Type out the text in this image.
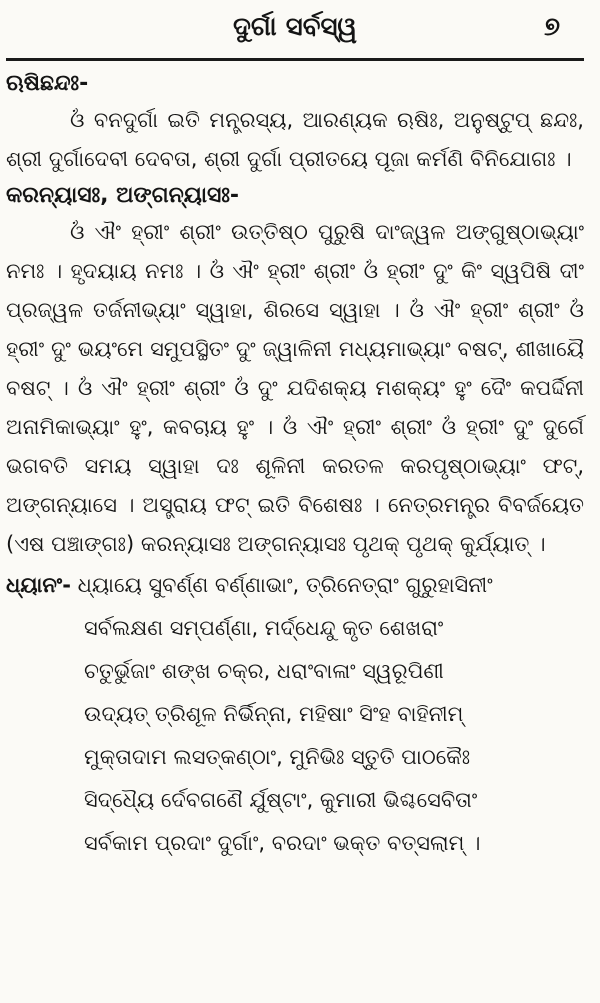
ଦୁର୍ଗା ସର୍ବସ୍ୱ	୭

ଋଷିଛନ୍ଦଃ-

ଓଁ ବନଦୁର୍ଗା ଇତି ମନ୍ତ୍ରସ୍ୟ, ଆରଣ୍ୟକ ଋଷିଃ, ଅନୁଷ୍ଟୁପ୍ ଛନ୍ଦଃ, ଶ୍ରୀ ଦୁର୍ଗାଦେବୀ ଦେବତା, ଶ୍ରୀ ଦୁର୍ଗା ପ୍ରୀତୟେ ପୂଜା କର୍ମଣି ବିନିଯୋଗଃ ।

କରନ୍ୟାସଃ, ଅଙ୍ଗନ୍ୟାସଃ-

ଓଁ ଐଂ ହ୍ରୀଂ ଶ୍ରୀଂ ଉତ୍ତିଷ୍ଠ ପୁରୁଷି ଦାଂଜ୍ୱଳ ଅଙ୍ଗୁଷ୍ଠାଭ୍ୟାଂ ନମଃ । ହୃଦୟାୟ ନମଃ । ଓଁ ଐଂ ହ୍ରୀଂ ଶ୍ରୀଂ ଓଁ ହ୍ରୀଂ ଦୁଂ କିଂ ସ୍ୱପିଷି ଦୀଂ ପ୍ରଜ୍ୱଳ ତର୍ଜନୀଭ୍ୟାଂ ସ୍ୱାହା, ଶିରସେ ସ୍ୱାହା । ଓଁ ଐଂ ହ୍ରୀଂ ଶ୍ରୀଂ ଓଁ ହ୍ରୀଂ ଦୁଂ ଭୟଂମେ ସମୁପସ୍ଥିତଂ ଦୁଂ ଜ୍ୱାଳିନୀ ମଧ୍ୟମାଭ୍ୟାଂ ବଷଟ୍, ଶୀଖାୟୈ ବଷଟ୍ । ଓଁ ଐଂ ହ୍ରୀଂ ଶ୍ରୀଂ ଓଁ ଦୁଂ ଯଦିଶକ୍ୟ ମଶକ୍ୟଂ ହୁଂ ଦୈଂ କପର୍ଦ୍ଦିନୀ ଅନାମିକାଭ୍ୟାଂ ହୁଂ, କବଚାୟ ହୁଂ । ଓଁ ଐଂ ହ୍ରୀଂ ଶ୍ରୀଂ ଓଁ ହ୍ରୀଂ ଦୁଂ ଦୁର୍ଗେ ଭଗବତି ସମୟ ସ୍ୱାହା ଦଃ ଶୂଳିନୀ କରତଳ କରପୃଷ୍ଠାଭ୍ୟାଂ ଫଟ୍, ଅଙ୍ଗନ୍ୟାସେ । ଅସ୍ତ୍ରାୟ ଫଟ୍ ଇତି ବିଶେଷଃ । ନେତ୍ରମନ୍ତ୍ର ବିବର୍ଜୟେତ (ଏଷ ପଞ୍ଚାଙ୍ଗଃ) କରନ୍ୟାସଃ ଅଙ୍ଗନ୍ୟାସଃ ପୃଥକ୍ ପୃଥକ୍ କୁର୍ଯ୍ୟାତ୍ ।

ଧ୍ୟାନଂ- ଧ୍ୟାୟେ ସୁବର୍ଣ୍ଣ ବର୍ଣ୍ଣାଭାଂ, ତ୍ରିନେତ୍ରାଂ ଗୁରୁହାସିନୀଂ
ସର୍ବଲକ୍ଷଣ ସମ୍ପର୍ଣ୍ଣା, ମର୍ଦ୍ଧେନ୍ଦୁ କୃତ ଶେଖରାଂ
ଚତୁର୍ଭୁଜାଂ ଶଙ୍ଖ ଚକ୍ର, ଧରାଂବାଳାଂ ସ୍ୱରୂପିଣୀ
ଉଦ୍ୟତ୍ ତ୍ରିଶୂଳ ନିର୍ଭିନ୍ନା, ମହିଷାଂ ସିଂହ ବାହିନୀମ୍
ମୁକ୍ତାଦାମ ଲସତ୍କଣ୍ଠାଂ, ମୁନିଭିଃ ସ୍ତୁତି ପାଠକୈଃ
ସିଦ୍ଧ୍ୟୈ ର୍ଦେବଗଣୈ ର୍ଯୁଷ୍ଟାଂ, କୁମାରୀ ଭିଶ୍ଚସେବିତାଂ
ସର୍ବକାମ ପ୍ରଦାଂ ଦୁର୍ଗାଂ, ବରଦାଂ ଭକ୍ତ ବତ୍ସଲାମ୍ ।
